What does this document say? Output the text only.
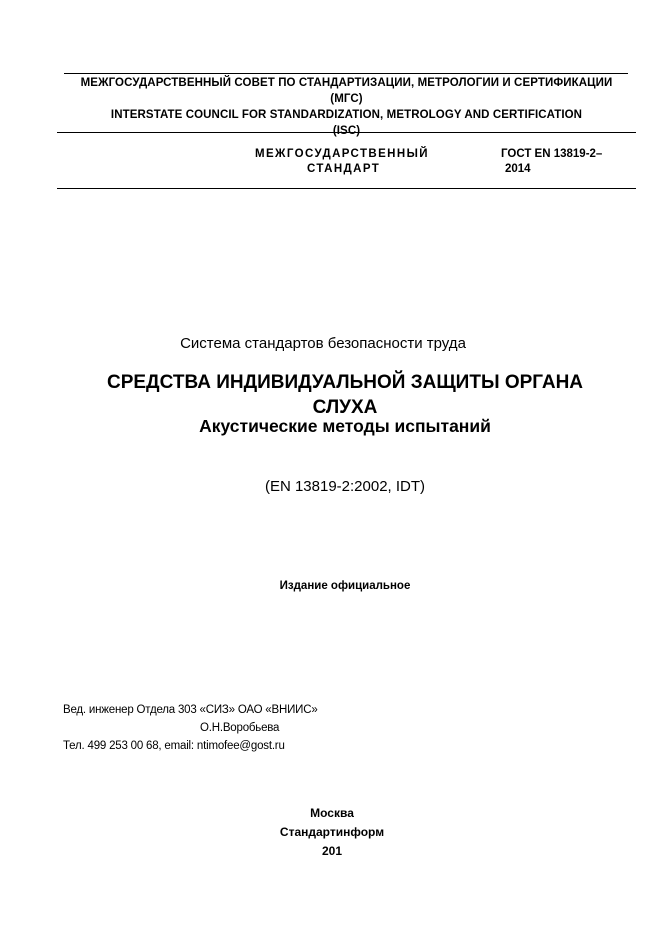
МЕЖГОСУДАРСТВЕННЫЙ СОВЕТ ПО СТАНДАРТИЗАЦИИ, МЕТРОЛОГИИ И СЕРТИФИКАЦИИ
(МГС)
INTERSTATE COUNCIL FOR STANDARDIZATION, METROLOGY AND CERTIFICATION
(ISC)
МЕЖГОСУДАРСТВЕННЫЙ
СТАНДАРТ
ГОСТ EN 13819-2–
2014
Система стандартов безопасности труда
СРЕДСТВА ИНДИВИДУАЛЬНОЙ ЗАЩИТЫ ОРГАНА
СЛУХА
Акустические методы испытаний
(EN 13819-2:2002, IDT)
Издание официальное
Вед. инженер Отдела 303 «СИЗ» ОАО «ВНИИС»
О.Н.Воробьева
Тел. 499 253 00 68, email: ntimofee@gost.ru
Москва
Стандартинформ
201
